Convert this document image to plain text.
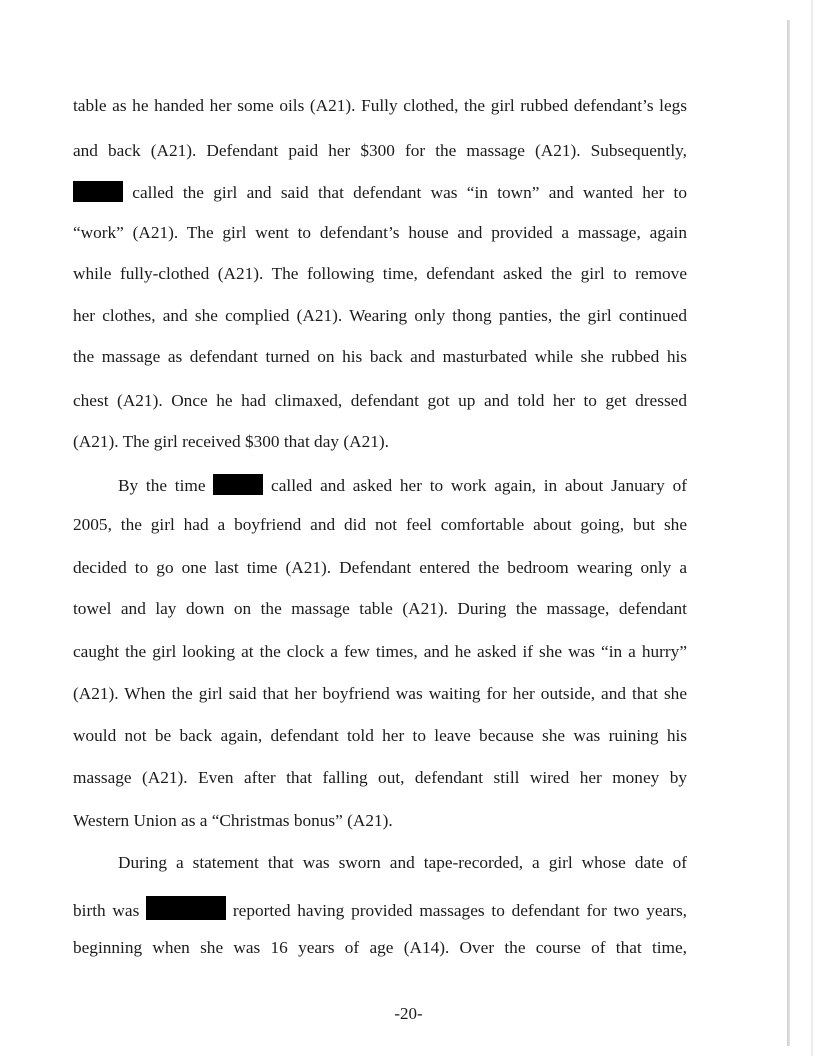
table as he handed her some oils (A21). Fully clothed, the girl rubbed defendant’s legs
and back (A21). Defendant paid her $300 for the massage (A21). Subsequently,
called the girl and said that defendant was “in town” and wanted her to
“work” (A21). The girl went to defendant’s house and provided a massage, again
while fully-clothed (A21). The following time, defendant asked the girl to remove
her clothes, and she complied (A21). Wearing only thong panties, the girl continued
the massage as defendant turned on his back and masturbated while she rubbed his
chest (A21). Once he had climaxed, defendant got up and told her to get dressed
(A21). The girl received $300 that day (A21).
By the time	called and asked her to work again, in about January of
2005, the girl had a boyfriend and did not feel comfortable about going, but she
decided to go one last time (A21). Defendant entered the bedroom wearing only a
towel and lay down on the massage table (A21). During the massage, defendant
caught the girl looking at the clock a few times, and he asked if she was “in a hurry”
(A21). When the girl said that her boyfriend was waiting for her outside, and that she
would not be back again, defendant told her to leave because she was ruining his
massage (A21). Even after that falling out, defendant still wired her money by
Western Union as a “Christmas bonus” (A21).
During a statement that was sworn and tape-recorded, a girl whose date of
birth was	reported having provided massages to defendant for two years,
beginning when she was 16 years of age (A14). Over the course of that time,
-20-
